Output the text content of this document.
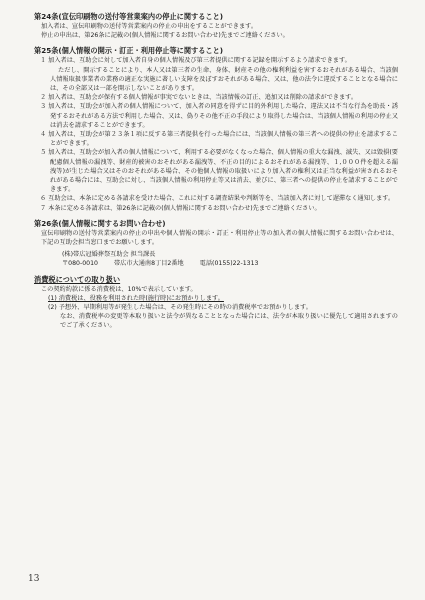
第24条(宣伝印刷物の送付等営業案内の停止に関すること)

加入者は、宣伝印刷物の送付等営業案内の停止の申出をすることができます。

停止の申出は、第26条に記載の(個人情報に関するお問い合わせ)先までご連絡ください。

第25条(個人情報の開示・訂正・利用停止等に関すること)

１ 加入者は、互助会に対して加入者自身の個人情報及び第三者提供に関する記録を開示するよう請求できます。

ただし、開示することにより、本人又は第三者の生命、身体、財産その他の権利利益を害するおそれがある場合、当該個人情報取扱事業者の業務の適正な実施に著しい支障を及ぼすおそれがある場合、又は、他の法令に違反することとなる場合には、その全部又は一部を開示しないことがあります。

２ 加入者は、互助会が保有する個人情報が事実でないときは、当該情報の訂正、追加又は削除の請求ができます。

３ 加入者は、互助会が加入者の個人情報について、加入者の同意を得ずに目的外利用した場合、違法又は不当な行為を助長・誘発するおそれがある方法で利用した場合、又は、偽りその他不正の手段により取得した場合は、当該個人情報の利用の停止又は消去を請求することができます。

４ 加入者は、互助会が第２３条１項に反する第三者提供を行った場合には、当該個人情報の第三者への提供の停止を請求することができます。

５ 加入者は、互助会が加入者の個人情報について、利用する必要がなくなった場合、個人情報の重大な漏洩、滅失、又は毀損(要配慮個人情報の漏洩等、財産的被害のおそれがある漏洩等、不正の目的によるおそれがある漏洩等、１,０００件を超える漏洩等)が生じた場合又はそのおそれがある場合、その他個人情報の取扱いにより加入者の権利又は正当な利益が害されるおそれがある場合には、互助会に対し、当該個人情報の利用停止等又は消去、並びに、第三者への提供の停止を請求することができます。

６ 互助会は、本条に定める各請求を受けた場合、これに対する調査結果や判断等を、当該加入者に対して遅滞なく通知します。

７ 本条に定める各請求は、第26条に記載の(個人情報に関するお問い合わせ)先までご連絡ください。

第26条(個人情報に関するお問い合わせ)

宣伝印刷物の送付等営業案内の停止の申出や個人情報の開示・訂正・利用停止等の加入者の個人情報に関するお問い合わせは、下記の互助会担当窓口までお願いします。

(株)帯広冠婚葬祭互助会 担当課長
〒080-0010	帯広市大通南8丁目2番地	電話(0155)22-1313
消費税についての取り扱い

この契約約款に係る消費税は、10%で表示しています。

(1) 消費税は、役務を利用された時(施行時)にお預かりします。

(2) 予想外、早期利用等が発生した場合は、その発生時にその時の消費税率でお預かりします。

なお、消費税率の変更等本取り扱いと法令が異なることとなった場合には、法令が本取り扱いに優先して適用されますのでご了承ください。

13
